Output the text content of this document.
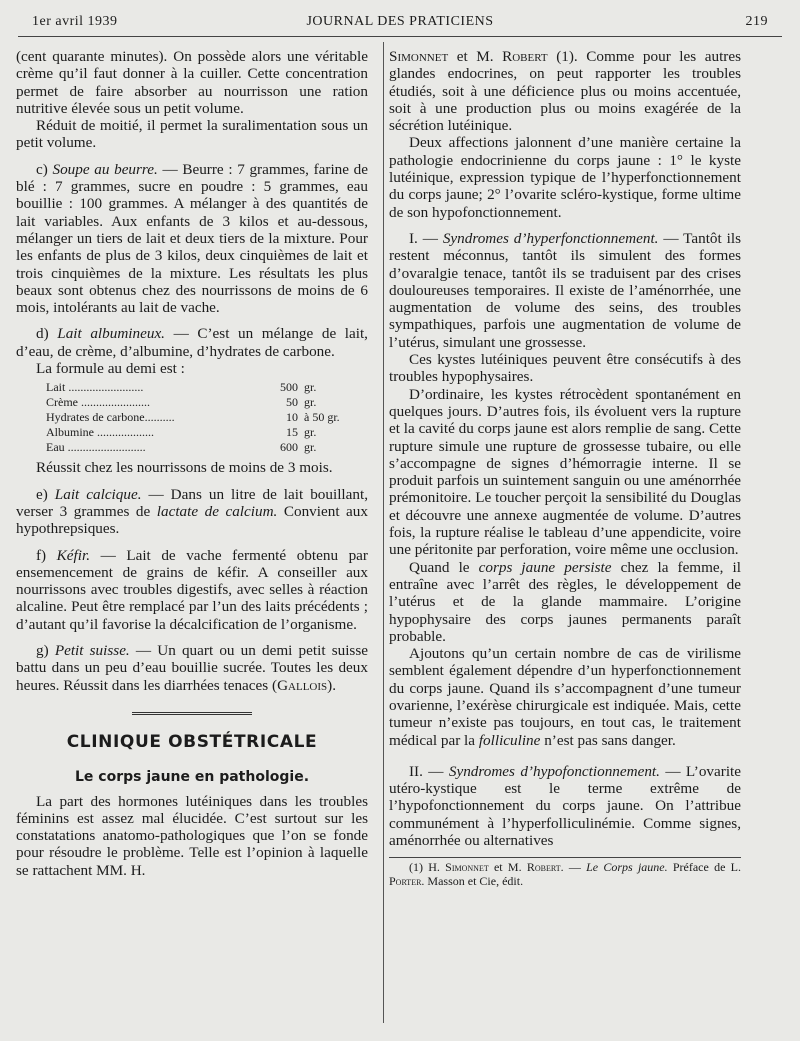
1er avril 1939	JOURNAL DES PRATICIENS	219

(cent quarante minutes). On possède alors une véritable crème qu’il faut donner à la cuiller. Cette concentration permet de faire absorber au nourrisson une ration nutritive élevée sous un petit volume.

Réduit de moitié, il permet la suralimentation sous un petit volume.

c) Soupe au beurre. — Beurre : 7 grammes, farine de blé : 7 grammes, sucre en poudre : 5 grammes, eau bouillie : 100 grammes. A mélanger à des quantités de lait variables. Aux enfants de 3 kilos et au-dessous, mélanger un tiers de lait et deux tiers de la mixture. Pour les enfants de plus de 3 kilos, deux cinquièmes de lait et trois cinquièmes de la mixture. Les résultats les plus beaux sont obtenus chez des nourrissons de moins de 6 mois, intolérants au lait de vache.

d) Lait albumineux. — C’est un mélange de lait, d’eau, de crème, d’albumine, d’hydrates de carbone.

La formule au demi est :

Lait .........................	500	gr.
Crème .......................	50	gr.
Hydrates de carbone..........	10	à 50 gr.
Albumine ...................	15	gr.
Eau ..........................	600	gr.

Réussit chez les nourrissons de moins de 3 mois.

e) Lait calcique. — Dans un litre de lait bouillant, verser 3 grammes de lactate de calcium. Convient aux hypothrepsiques.

f) Kéfir. — Lait de vache fermenté obtenu par ensemencement de grains de kéfir. A conseiller aux nourrissons avec troubles digestifs, avec selles à réaction alcaline. Peut être remplacé par l’un des laits précédents ; d’autant qu’il favorise la décalcification de l’organisme.

g) Petit suisse. — Un quart ou un demi petit suisse battu dans un peu d’eau bouillie sucrée. Toutes les deux heures. Réussit dans les diarrhées tenaces (Gallois).

CLINIQUE OBSTÉTRICALE
Le corps jaune en pathologie.

La part des hormones lutéiniques dans les troubles féminins est assez mal élucidée. C’est surtout sur les constatations anatomo-pathologiques que l’on se fonde pour résoudre le problème. Telle est l’opinion à laquelle se rattachent MM. H.

Simonnet et M. Robert (1). Comme pour les autres glandes endocrines, on peut rapporter les troubles étudiés, soit à une déficience plus ou moins accentuée, soit à une production plus ou moins exagérée de la sécrétion lutéinique.

Deux affections jalonnent d’une manière certaine la pathologie endocrinienne du corps jaune : 1° le kyste lutéinique, expression typique de l’hyperfonctionnement du corps jaune; 2° l’ovarite scléro-kystique, forme ultime de son hypofonctionnement.

I. — Syndromes d’hyperfonctionnement. — Tantôt ils restent méconnus, tantôt ils simulent des formes d’ovaralgie tenace, tantôt ils se traduisent par des crises douloureuses temporaires. Il existe de l’aménorrhée, une augmentation de volume des seins, des troubles sympathiques, parfois une augmentation de volume de l’utérus, simulant une grossesse.

Ces kystes lutéiniques peuvent être consécutifs à des troubles hypophysaires.

D’ordinaire, les kystes rétrocèdent spontanément en quelques jours. D’autres fois, ils évoluent vers la rupture et la cavité du corps jaune est alors remplie de sang. Cette rupture simule une rupture de grossesse tubaire, ou elle s’accompagne de signes d’hémorragie interne. Il se produit parfois un suintement sanguin ou une aménorrhée prémonitoire. Le toucher perçoit la sensibilité du Douglas et découvre une annexe augmentée de volume. D’autres fois, la rupture réalise le tableau d’une appendicite, voire une péritonite par perforation, voire même une occlusion.

Quand le corps jaune persiste chez la femme, il entraîne avec l’arrêt des règles, le développement de l’utérus et de la glande mammaire. L’origine hypophysaire des corps jaunes permanents paraît probable.

Ajoutons qu’un certain nombre de cas de virilisme semblent également dépendre d’un hyperfonctionnement du corps jaune. Quand ils s’accompagnent d’une tumeur ovarienne, l’exérèse chirurgicale est indiquée. Mais, cette tumeur n’existe pas toujours, en tout cas, le traitement médical par la folliculine n’est pas sans danger.

II. — Syndromes d’hypofonctionnement. — L’ovarite utéro-kystique est le terme extrême de l’hypofonctionnement du corps jaune. On l’attribue communément à l’hyperfolliculinémie. Comme signes, aménorrhée ou alternatives

(1) H. Simonnet et M. Robert. — Le Corps jaune. Préface de L. Porter. Masson et Cie, édit.
